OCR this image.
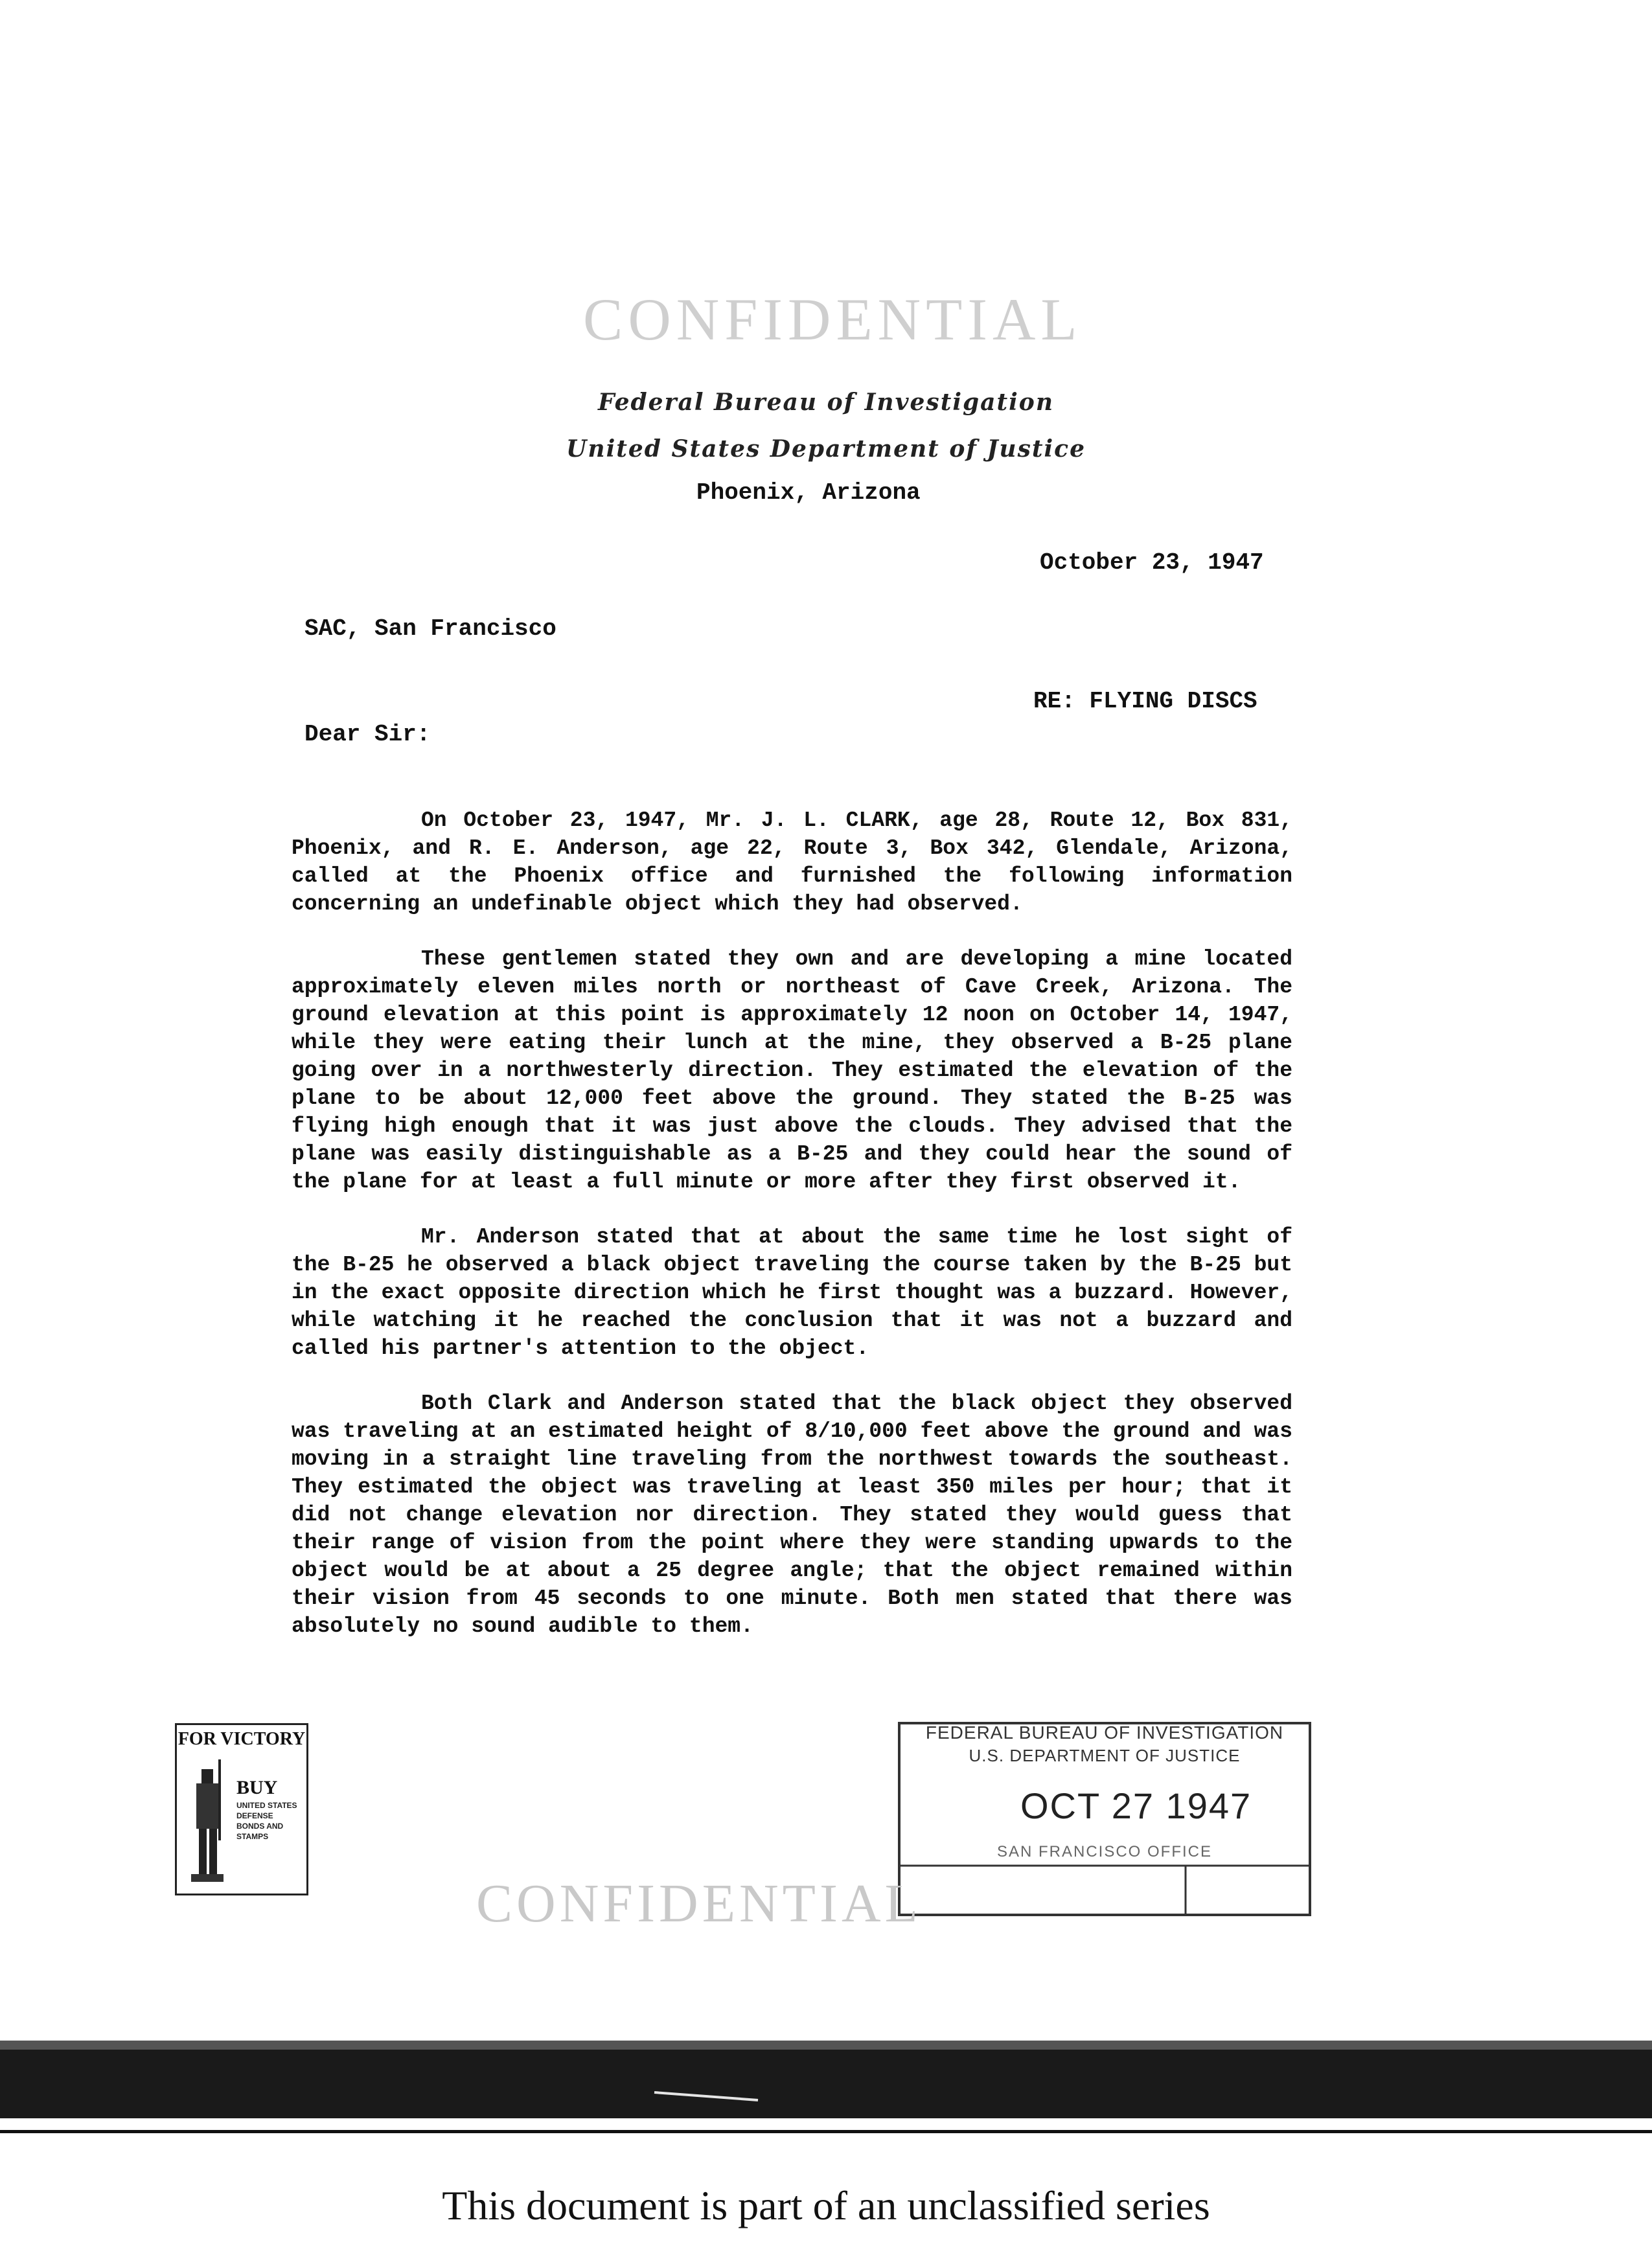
CONFIDENTIAL
Federal Bureau of Investigation
United States Department of Justice
Phoenix, Arizona
October 23, 1947
SAC, San Francisco
RE: FLYING DISCS
Dear Sir:

On October 23, 1947, Mr. J. L. CLARK, age 28, Route 12, Box 831, Phoenix, and R. E. Anderson, age 22, Route 3, Box 342, Glendale, Arizona, called at the Phoenix office and furnished the following information concerning an undefinable object which they had observed.

These gentlemen stated they own and are developing a mine located approximately eleven miles north or northeast of Cave Creek, Arizona. The ground elevation at this point is approximately 12 noon on October 14, 1947, while they were eating their lunch at the mine, they observed a B-25 plane going over in a northwesterly direction. They estimated the elevation of the plane to be about 12,000 feet above the ground. They stated the B-25 was flying high enough that it was just above the clouds. They advised that the plane was easily distinguishable as a B-25 and they could hear the sound of the plane for at least a full minute or more after they first observed it.

Mr. Anderson stated that at about the same time he lost sight of the B-25 he observed a black object traveling the course taken by the B-25 but in the exact opposite direction which he first thought was a buzzard. However, while watching it he reached the conclusion that it was not a buzzard and called his partner's attention to the object.

Both Clark and Anderson stated that the black object they observed was traveling at an estimated height of 8/10,000 feet above the ground and was moving in a straight line traveling from the northwest towards the southeast. They estimated the object was traveling at least 350 miles per hour; that it did not change elevation nor direction. They stated they would guess that their range of vision from the point where they were standing upwards to the object would be at about a 25 degree angle; that the object remained within their vision from 45 seconds to one minute. Both men stated that there was absolutely no sound audible to them.

FOR VICTORY
BUY
UNITED STATES DEFENSE BONDS AND STAMPS
FEDERAL BUREAU OF INVESTIGATION
U.S. DEPARTMENT OF JUSTICE
OCT 27 1947
SAN FRANCISCO OFFICE
CONFIDENTIAL
This document is part of an unclassified series
